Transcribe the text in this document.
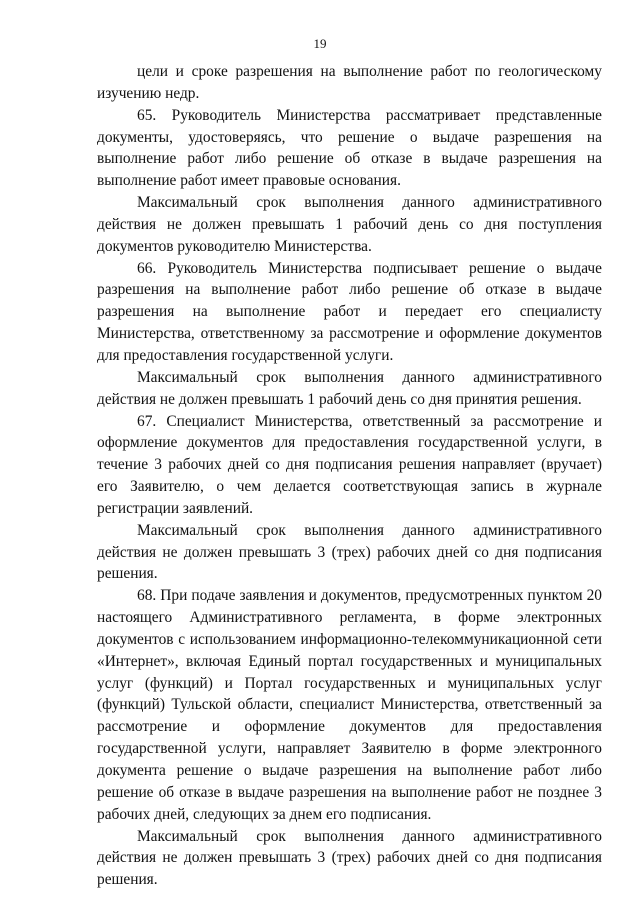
19

цели и сроке разрешения на выполнение работ по геологическому изучению недр.

65. Руководитель Министерства рассматривает представленные документы, удостоверяясь, что решение о выдаче разрешения на выполнение работ либо решение об отказе в выдаче разрешения на выполнение работ имеет правовые основания.

Максимальный срок выполнения данного административного действия не должен превышать 1 рабочий день со дня поступления документов руководителю Министерства.

66. Руководитель Министерства подписывает решение о выдаче разрешения на выполнение работ либо решение об отказе в выдаче разрешения на выполнение работ и передает его специалисту Министерства, ответственному за рассмотрение и оформление документов для предоставления государственной услуги.

Максимальный срок выполнения данного административного действия не должен превышать 1 рабочий день со дня принятия решения.

67. Специалист Министерства, ответственный за рассмотрение и оформление документов для предоставления государственной услуги, в течение 3 рабочих дней со дня подписания решения направляет (вручает) его Заявителю, о чем делается соответствующая запись в журнале регистрации заявлений.

Максимальный срок выполнения данного административного действия не должен превышать 3 (трех) рабочих дней со дня подписания решения.

68. При подаче заявления и документов, предусмотренных пунктом 20 настоящего Административного регламента, в форме электронных документов с использованием информационно-телекоммуникационной сети «Интернет», включая Единый портал государственных и муниципальных услуг (функций) и Портал государственных и муниципальных услуг (функций) Тульской области, специалист Министерства, ответственный за рассмотрение и оформление документов для предоставления государственной услуги, направляет Заявителю в форме электронного документа решение о выдаче разрешения на выполнение работ либо решение об отказе в выдаче разрешения на выполнение работ не позднее 3 рабочих дней, следующих за днем его подписания.

Максимальный срок выполнения данного административного действия не должен превышать 3 (трех) рабочих дней со дня подписания решения.
